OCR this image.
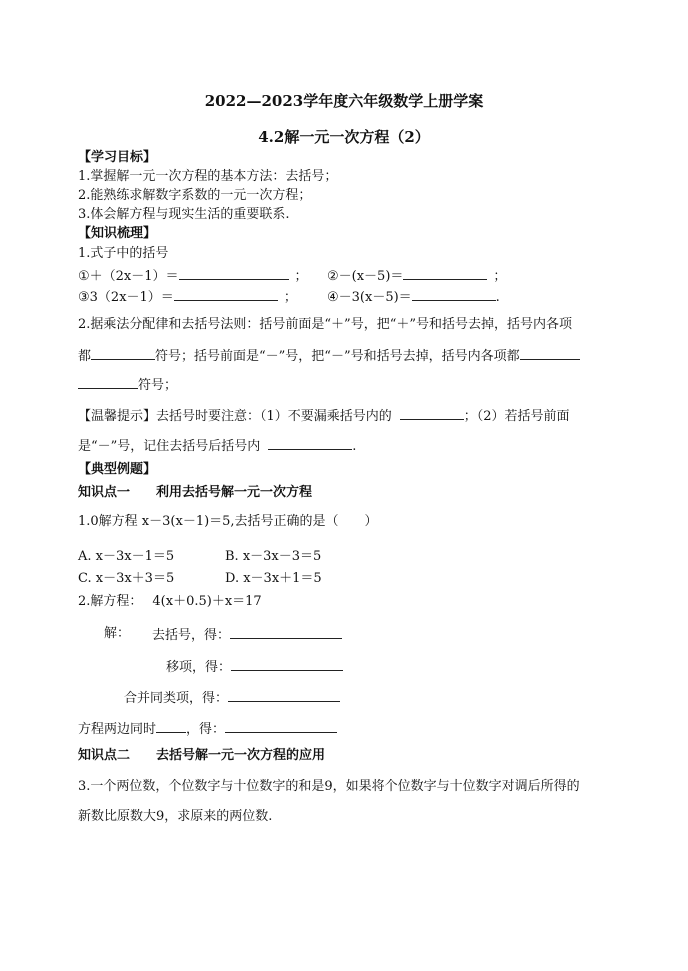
2022—2023学年度六年级数学上册学案
4.2解一元一次方程（2）
【学习目标】
1.掌握解一元一次方程的基本方法：去括号；
2.能熟练求解数字系数的一元一次方程；
3.体会解方程与现实生活的重要联系.
【知识梳理】
1.式子中的括号
①＋（2x－1）＝	； ②－(x－5)＝	；
③3（2x－1）＝	； ④－3(x－5)＝	.
2.据乘法分配律和去括号法则：括号前面是“＋”号，把“＋”号和括号去掉，括号内各项
都	符号；括号前面是“－”号，把“－”号和括号去掉，括号内各项都
符号；
【温馨提示】去括号时要注意：（1）不要漏乘括号内的	；（2）若括号前面
是“－”号，记住去括号后括号内	.
【典型例题】
知识点一 利用去括号解一元一次方程
1.0解方程 x－3(x－1)＝5,去括号正确的是（　　）
A. x－3x－1＝5	B. x－3x－3＝5
C. x－3x＋3＝5	D. x－3x＋1＝5
2.解方程： 4(x＋0.5)＋x＝17
解： 去括号，得：
移项，得：
合并同类项，得：
方程两边同时 ，得：
知识点二 去括号解一元一次方程的应用
3.一个两位数，个位数字与十位数字的和是9，如果将个位数字与十位数字对调后所得的
新数比原数大9，求原来的两位数.
